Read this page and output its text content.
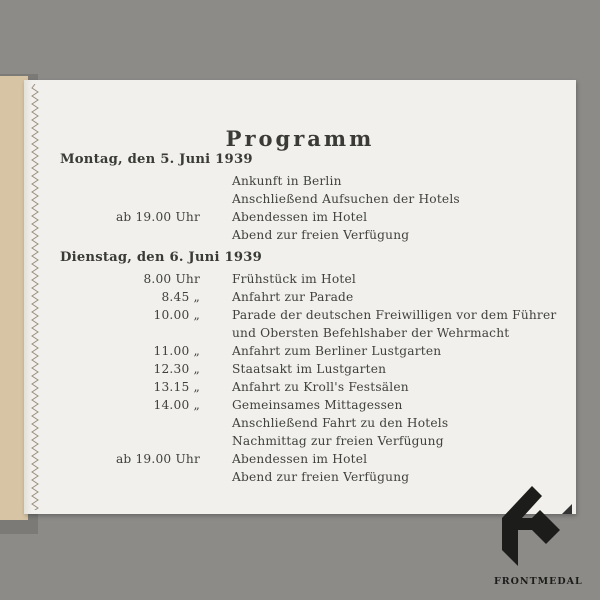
Programm
Montag, den 5. Juni 1939
Ankunft in Berlin
Anschließend Aufsuchen der Hotels
ab 19.00 Uhr	Abendessen im Hotel
Abend zur freien Verfügung
Dienstag, den 6. Juni 1939
8.00 Uhr	Frühstück im Hotel
8.45 „	Anfahrt zur Parade
10.00 „	Parade der deutschen Freiwilligen vor dem Führer
und Obersten Befehlshaber der Wehrmacht
11.00 „	Anfahrt zum Berliner Lustgarten
12.30 „	Staatsakt im Lustgarten
13.15 „	Anfahrt zu Kroll's Festsälen
14.00 „	Gemeinsames Mittagessen
Anschließend Fahrt zu den Hotels
Nachmittag zur freien Verfügung
ab 19.00 Uhr	Abendessen im Hotel
Abend zur freien Verfügung
FRONTMEDAL
